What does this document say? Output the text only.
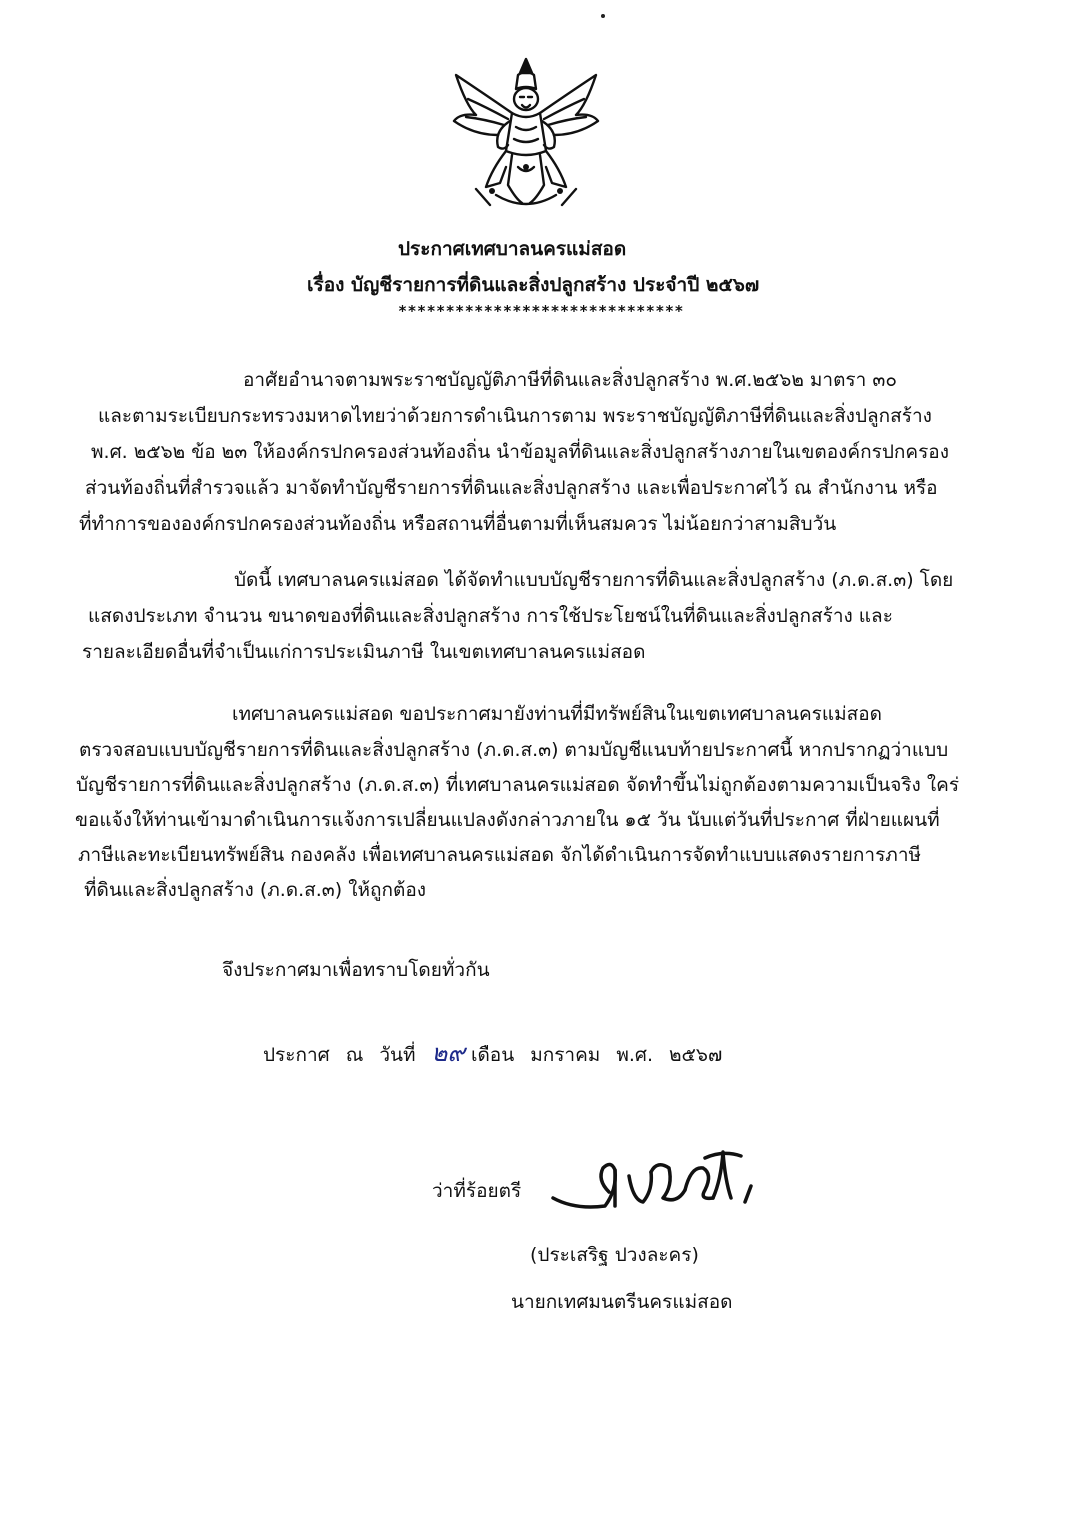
ประกาศเทศบาลนครแม่สอด
เรื่อง บัญชีรายการที่ดินและสิ่งปลูกสร้าง ประจำปี ๒๕๖๗
******************************
อาศัยอำนาจตามพระราชบัญญัติภาษีที่ดินและสิ่งปลูกสร้าง พ.ศ.๒๕๖๒ มาตรา ๓๐
และตามระเบียบกระทรวงมหาดไทยว่าด้วยการดำเนินการตาม พระราชบัญญัติภาษีที่ดินและสิ่งปลูกสร้าง
พ.ศ. ๒๕๖๒ ข้อ ๒๓ ให้องค์กรปกครองส่วนท้องถิ่น นำข้อมูลที่ดินและสิ่งปลูกสร้างภายในเขตองค์กรปกครอง
ส่วนท้องถิ่นที่สำรวจแล้ว มาจัดทำบัญชีรายการที่ดินและสิ่งปลูกสร้าง และเพื่อประกาศไว้ ณ สำนักงาน หรือ
ที่ทำการขององค์กรปกครองส่วนท้องถิ่น หรือสถานที่อื่นตามที่เห็นสมควร ไม่น้อยกว่าสามสิบวัน
บัดนี้ เทศบาลนครแม่สอด ได้จัดทำแบบบัญชีรายการที่ดินและสิ่งปลูกสร้าง (ภ.ด.ส.๓) โดย
แสดงประเภท จำนวน ขนาดของที่ดินและสิ่งปลูกสร้าง การใช้ประโยชน์ในที่ดินและสิ่งปลูกสร้าง และ
รายละเอียดอื่นที่จำเป็นแก่การประเมินภาษี ในเขตเทศบาลนครแม่สอด
เทศบาลนครแม่สอด ขอประกาศมายังท่านที่มีทรัพย์สินในเขตเทศบาลนครแม่สอด
ตรวจสอบแบบบัญชีรายการที่ดินและสิ่งปลูกสร้าง (ภ.ด.ส.๓) ตามบัญชีแนบท้ายประกาศนี้ หากปรากฏว่าแบบ
บัญชีรายการที่ดินและสิ่งปลูกสร้าง (ภ.ด.ส.๓) ที่เทศบาลนครแม่สอด จัดทำขึ้นไม่ถูกต้องตามความเป็นจริง ใคร่
ขอแจ้งให้ท่านเข้ามาดำเนินการแจ้งการเปลี่ยนแปลงดังกล่าวภายใน ๑๕ วัน นับแต่วันที่ประกาศ ที่ฝ่ายแผนที่
ภาษีและทะเบียนทรัพย์สิน กองคลัง เพื่อเทศบาลนครแม่สอด จักได้ดำเนินการจัดทำแบบแสดงรายการภาษี
ที่ดินและสิ่งปลูกสร้าง (ภ.ด.ส.๓) ให้ถูกต้อง
จึงประกาศมาเพื่อทราบโดยทั่วกัน
ประกาศ ณ วันที่ ๒๙ เดือน มกราคม พ.ศ. ๒๕๖๗
ว่าที่ร้อยตรี
(ประเสริฐ ปวงละคร)
นายกเทศมนตรีนครแม่สอด
